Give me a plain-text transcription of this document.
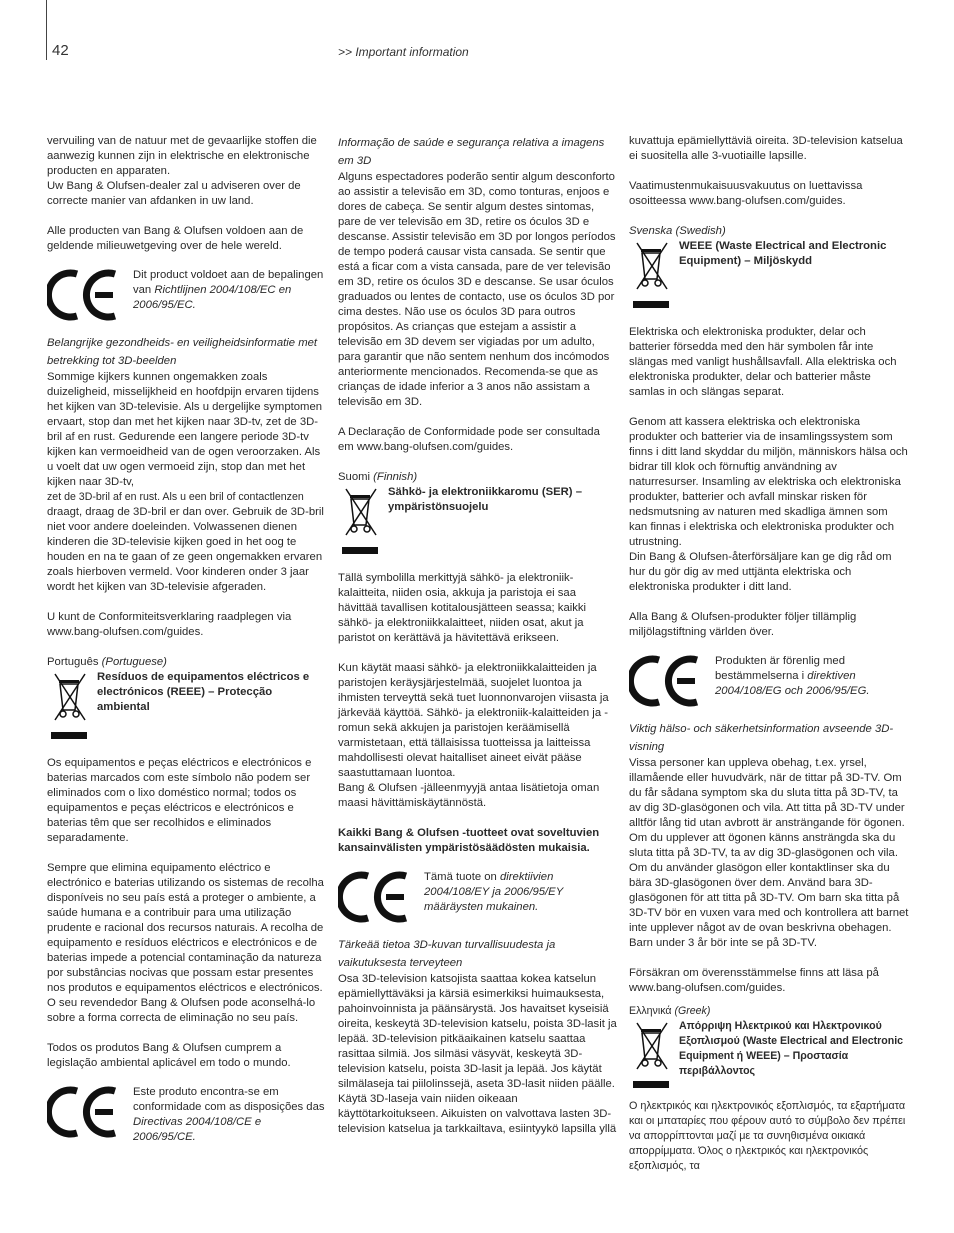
42	>> Important information

vervuiling van de natuur met de gevaarlijke stoffen die aanwezig kunnen zijn in elektrische en elektronische producten en apparaten.

Uw Bang & Olufsen-dealer zal u adviseren over de correcte manier van afdanken in uw land.

Alle producten van Bang & Olufsen voldoen aan de geldende milieuwetgeving over de hele wereld.

Dit product voldoet aan de bepalingen van Richtlijnen 2004/108/EC en 2006/95/EC.

Belangrijke gezondheids- en veiligheidsinformatie met betrekking tot 3D-beelden

Sommige kijkers kunnen ongemakken zoals duizeligheid, misselijkheid en hoofdpijn ervaren tijdens het kijken van 3D-televisie. Als u dergelijke symptomen ervaart, stop dan met het kijken naar 3D-tv, zet de 3D-bril af en rust. Gedurende een langere periode 3D-tv kijken kan vermoeidheid van de ogen veroorzaken. Als u voelt dat uw ogen vermoeid zijn, stop dan met het kijken naar 3D-tv,

zet de 3D-bril af en rust. Als u een bril of contactlenzen

draagt, draag de 3D-bril er dan over. Gebruik de 3D-bril niet voor andere doeleinden. Volwassenen dienen kinderen die 3D-televisie kijken goed in het oog te houden en na te gaan of ze geen ongemakken ervaren zoals hierboven vermeld. Voor kinderen onder 3 jaar wordt het kijken van 3D-televisie afgeraden.

U kunt de Conformiteitsverklaring raadplegen via www.bang-olufsen.com/guides.

Português (Portuguese)

Resíduos de equipamentos eléctricos e electrónicos (REEE) – Protecção ambiental

Os equipamentos e peças eléctricos e electrónicos e baterias marcados com este símbolo não podem ser eliminados com o lixo doméstico normal; todos os equipamentos e peças eléctricos e electrónicos e baterias têm que ser recolhidos e eliminados separadamente.

Sempre que elimina equipamento eléctrico e electrónico e baterias utilizando os sistemas de recolha disponíveis no seu país está a proteger o ambiente, a saúde humana e a contribuir para uma utilização prudente e racional dos recursos naturais. A recolha de equipamento e resíduos eléctricos e electrónicos e de baterias impede a potencial contaminação da natureza por substâncias nocivas que possam estar presentes nos produtos e equipamentos eléctricos e electrónicos.

O seu revendedor Bang & Olufsen pode aconselhá-lo sobre a forma correcta de eliminação no seu país.

Todos os produtos Bang & Olufsen cumprem a legislação ambiental aplicável em todo o mundo.

Este produto encontra-se em conformidade com as disposições das Directivas 2004/108/CE e 2006/95/CE.

Informação de saúde e segurança relativa a imagens em 3D

Alguns espectadores poderão sentir algum desconforto ao assistir a televisão em 3D, como tonturas, enjoos e dores de cabeça. Se sentir algum destes sintomas, pare de ver televisão em 3D, retire os óculos 3D e descanse. Assistir televisão em 3D por longos períodos de tempo poderá causar vista cansada. Se sentir que está a ficar com a vista cansada, pare de ver televisão em 3D, retire os óculos 3D e descanse. Se usar óculos graduados ou lentes de contacto, use os óculos 3D por cima destes. Não use os óculos 3D para outros propósitos. As crianças que estejam a assistir a televisão em 3D devem ser vigiadas por um adulto, para garantir que não sentem nenhum dos incómodos anteriormente mencionados. Recomenda-se que as crianças de idade inferior a 3 anos não assistam a televisão em 3D.

A Declaração de Conformidade pode ser consultada em www.bang-olufsen.com/guides.

Suomi (Finnish)

Sähkö- ja elektroniikkaromu (SER) – ympäristönsuojelu

Tällä symbolilla merkittyjä sähkö- ja elektroniik-kalaitteita, niiden osia, akkuja ja paristoja ei saa hävittää tavallisen kotitalousjätteen seassa; kaikki sähkö- ja elektroniikkalaitteet, niiden osat, akut ja paristot on kerättävä ja hävitettävä erikseen.

Kun käytät maasi sähkö- ja elektroniikkalaitteiden ja paristojen keräysjärjestelmää, suojelet luontoa ja ihmisten terveyttä sekä tuet luonnonvarojen viisasta ja järkevää käyttöä. Sähkö- ja elektroniik-kalaitteiden ja -romun sekä akkujen ja paristojen keräämisellä varmistetaan, että tällaisissa tuotteissa ja laitteissa mahdollisesti olevat haitalliset aineet eivät pääse saastuttamaan luontoa.

Bang & Olufsen -jälleenmyyjä antaa lisätietoja oman maasi hävittämiskäytännöstä.

Kaikki Bang & Olufsen -tuotteet ovat soveltuvien kansainvälisten ympäristösäädösten mukaisia.

Tämä tuote on direktiivien 2004/108/EY ja 2006/95/EY määräysten mukainen.

Tärkeää tietoa 3D-kuvan turvallisuudesta ja vaikutuksesta terveyteen

Osa 3D-television katsojista saattaa kokea katselun epämiellyttäväksi ja kärsiä esimerkiksi huimauksesta, pahoinvoinnista ja päänsärystä. Jos havaitset kyseisiä oireita, keskeytä 3D-television katselu, poista 3D-lasit ja lepää. 3D-television pitkäaikainen katselu saattaa rasittaa silmiä. Jos silmäsi väsyvät, keskeytä 3D-television katselu, poista 3D-lasit ja lepää. Jos käytät silmälaseja tai piilolinssejä, aseta 3D-lasit niiden päälle. Käytä 3D-laseja vain niiden oikeaan käyttötarkoitukseen. Aikuisten on valvottava lasten 3D-television katselua ja tarkkailtava, esiintyykö lapsilla yllä

kuvattuja epämiellyttäviä oireita. 3D-television katselua ei suositella alle 3-vuotiaille lapsille.

Vaatimustenmukaisuusvakuutus on luettavissa osoitteessa www.bang-olufsen.com/guides.

Svenska (Swedish)

WEEE (Waste Electrical and Electronic Equipment) – Miljöskydd

Elektriska och elektroniska produkter, delar och batterier försedda med den här symbolen får inte slängas med vanligt hushållsavfall. Alla elektriska och elektroniska produkter, delar och batterier måste samlas in och slängas separat.

Genom att kassera elektriska och elektroniska produkter och batterier via de insamlingssystem som finns i ditt land skyddar du miljön, människors hälsa och bidrar till klok och förnuftig användning av naturresurser. Insamling av elektriska och elektroniska produkter, batterier och avfall minskar risken för nedsmutsning av naturen med skadliga ämnen som kan finnas i elektriska och elektroniska produkter och utrustning.

Din Bang & Olufsen-återförsäljare kan ge dig råd om hur du gör dig av med uttjänta elektriska och elektroniska produkter i ditt land.

Alla Bang & Olufsen-produkter följer tillämplig miljölagstiftning världen över.

Produkten är förenlig med bestämmelserna i direktiven 2004/108/EG och 2006/95/EG.

Viktig hälso- och säkerhetsinformation avseende 3D-visning

Vissa personer kan uppleva obehag, t.ex. yrsel, illamående eller huvudvärk, när de tittar på 3D-TV. Om du får sådana symptom ska du sluta titta på 3D-TV, ta av dig 3D-glasögonen och vila. Att titta på 3D-TV under alltför lång tid utan avbrott är ansträngande för ögonen. Om du upplever att ögonen känns ansträngda ska du sluta titta på 3D-TV, ta av dig 3D-glasögonen och vila. Om du använder glasögon eller kontaktlinser ska du bära 3D-glasögonen över dem. Använd bara 3D-glasögonen för att titta på 3D-TV. Om barn ska titta på 3D-TV bör en vuxen vara med och kontrollera att barnet inte upplever något av de ovan beskrivna obehagen. Barn under 3 år bör inte se på 3D-TV.

Försäkran om överensstämmelse finns att läsa på www.bang-olufsen.com/guides.

Ελληνικά (Greek)

Απόρριψη Ηλεκτρικού και Ηλεκτρονικού Εξοπλισμού (Waste Electrical and Electronic Equipment ή WEEE) – Προστασία περιβάλλοντος

Ο ηλεκτρικός και ηλεκτρονικός εξοπλισμός, τα εξαρτήματα και οι μπαταρίες που φέρουν αυτό το σύμβολο δεν πρέπει να απορρίπτονται μαζί με τα συνηθισμένα οικιακά απορρίμματα. Όλος ο ηλεκτρικός και ηλεκτρονικός εξοπλισμός, τα
